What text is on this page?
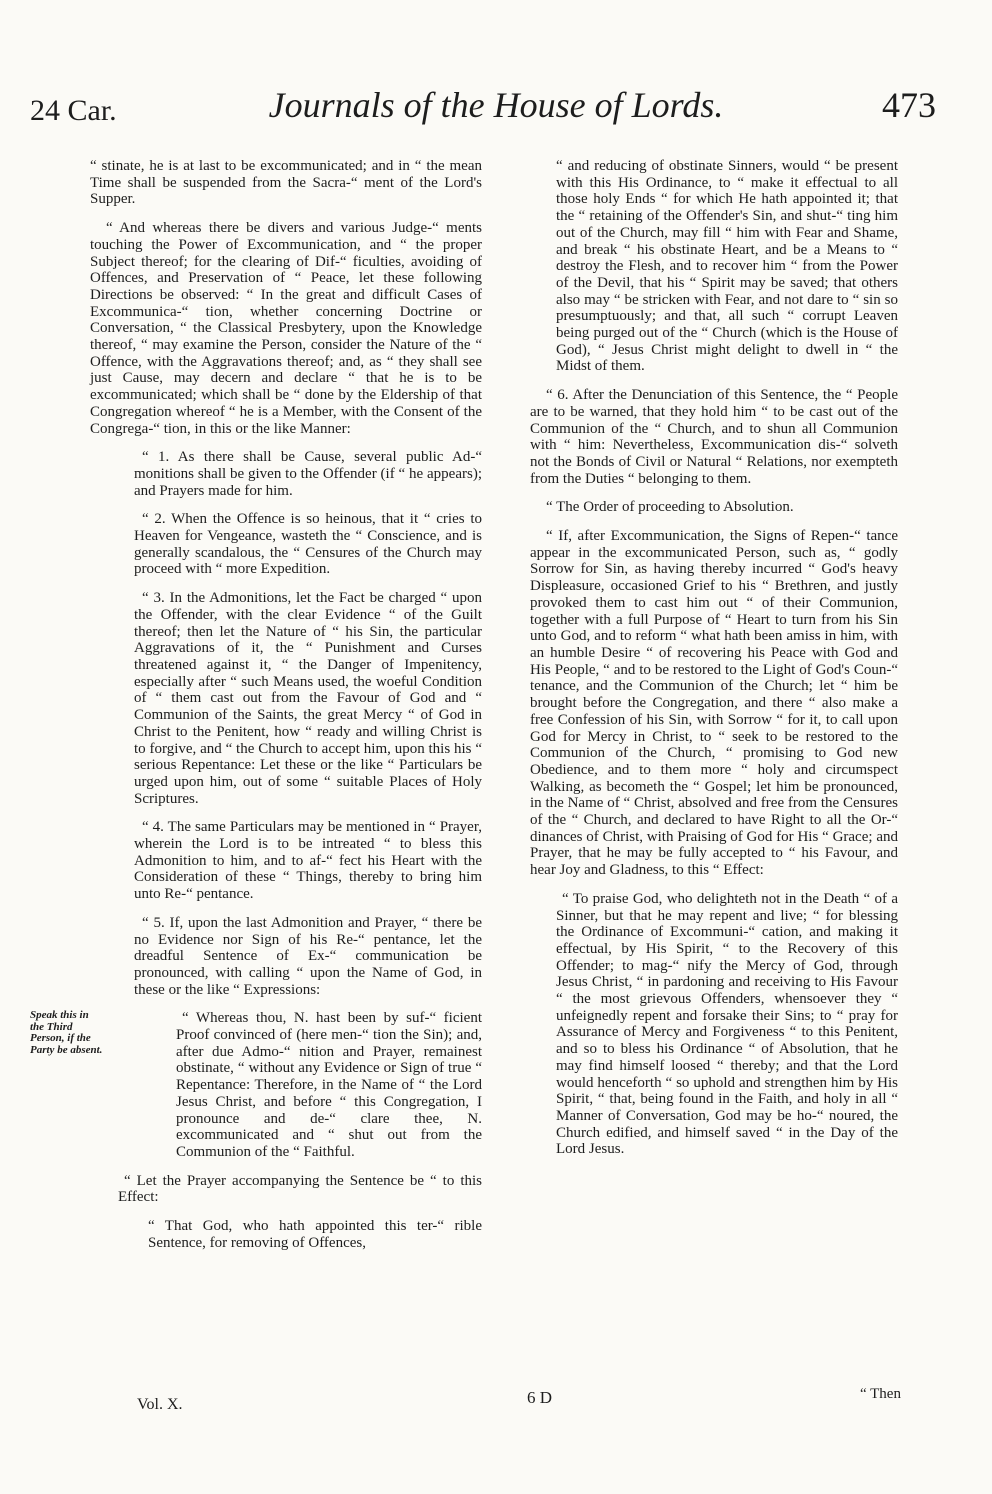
24 Car.	Journals of the House of Lords.	473

“ stinate, he is at last to be excommunicated; and in “ the mean Time shall be suspended from the Sacra-“ ment of the Lord's Supper.

“ And whereas there be divers and various Judge-“ ments touching the Power of Excommunication, and “ the proper Subject thereof; for the clearing of Dif-“ ficulties, avoiding of Offences, and Preservation of “ Peace, let these following Directions be observed: “ In the great and difficult Cases of Excommunica-“ tion, whether concerning Doctrine or Conversation, “ the Classical Presbytery, upon the Knowledge thereof, “ may examine the Person, consider the Nature of the “ Offence, with the Aggravations thereof; and, as “ they shall see just Cause, may decern and declare “ that he is to be excommunicated; which shall be “ done by the Eldership of that Congregation whereof “ he is a Member, with the Consent of the Congrega-“ tion, in this or the like Manner:

“ 1. As there shall be Cause, several public Ad-“ monitions shall be given to the Offender (if “ he appears); and Prayers made for him.

“ 2. When the Offence is so heinous, that it “ cries to Heaven for Vengeance, wasteth the “ Conscience, and is generally scandalous, the “ Censures of the Church may proceed with “ more Expedition.

“ 3. In the Admonitions, let the Fact be charged “ upon the Offender, with the clear Evidence “ of the Guilt thereof; then let the Nature of “ his Sin, the particular Aggravations of it, the “ Punishment and Curses threatened against it, “ the Danger of Impenitency, especially after “ such Means used, the woeful Condition of “ them cast out from the Favour of God and “ Communion of the Saints, the great Mercy “ of God in Christ to the Penitent, how “ ready and willing Christ is to forgive, and “ the Church to accept him, upon this his “ serious Repentance: Let these or the like “ Particulars be urged upon him, out of some “ suitable Places of Holy Scriptures.

“ 4. The same Particulars may be mentioned in “ Prayer, wherein the Lord is to be intreated “ to bless this Admonition to him, and to af-“ fect his Heart with the Consideration of these “ Things, thereby to bring him unto Re-“ pentance.

“ 5. If, upon the last Admonition and Prayer, “ there be no Evidence nor Sign of his Re-“ pentance, let the dreadful Sentence of Ex-“ communication be pronounced, with calling “ upon the Name of God, in these or the like “ Expressions:

Speak this in the Third Person, if the Party be absent.

“ Whereas thou, N. hast been by suf-“ ficient Proof convinced of (here men-“ tion the Sin); and, after due Admo-“ nition and Prayer, remainest obstinate, “ without any Evidence or Sign of true “ Repentance: Therefore, in the Name of “ the Lord Jesus Christ, and before “ this Congregation, I pronounce and de-“ clare thee, N. excommunicated and “ shut out from the Communion of the “ Faithful.

“ Let the Prayer accompanying the Sentence be “ to this Effect:

“ That God, who hath appointed this ter-“ rible Sentence, for removing of Offences,

“ and reducing of obstinate Sinners, would “ be present with this His Ordinance, to “ make it effectual to all those holy Ends “ for which He hath appointed it; that the “ retaining of the Offender's Sin, and shut-“ ting him out of the Church, may fill “ him with Fear and Shame, and break “ his obstinate Heart, and be a Means to “ destroy the Flesh, and to recover him “ from the Power of the Devil, that his “ Spirit may be saved; that others also may “ be stricken with Fear, and not dare to “ sin so presumptuously; and that, all such “ corrupt Leaven being purged out of the “ Church (which is the House of God), “ Jesus Christ might delight to dwell in “ the Midst of them.

“ 6. After the Denunciation of this Sentence, the “ People are to be warned, that they hold him “ to be cast out of the Communion of the “ Church, and to shun all Communion with “ him: Nevertheless, Excommunication dis-“ solveth not the Bonds of Civil or Natural “ Relations, nor exempteth from the Duties “ belonging to them.

“ The Order of proceeding to Absolution.

“ If, after Excommunication, the Signs of Repen-“ tance appear in the excommunicated Person, such as, “ godly Sorrow for Sin, as having thereby incurred “ God's heavy Displeasure, occasioned Grief to his “ Brethren, and justly provoked them to cast him out “ of their Communion, together with a full Purpose of “ Heart to turn from his Sin unto God, and to reform “ what hath been amiss in him, with an humble Desire “ of recovering his Peace with God and His People, “ and to be restored to the Light of God's Coun-“ tenance, and the Communion of the Church; let “ him be brought before the Congregation, and there “ also make a free Confession of his Sin, with Sorrow “ for it, to call upon God for Mercy in Christ, to “ seek to be restored to the Communion of the Church, “ promising to God new Obedience, and to them more “ holy and circumspect Walking, as becometh the “ Gospel; let him be pronounced, in the Name of “ Christ, absolved and free from the Censures of the “ Church, and declared to have Right to all the Or-“ dinances of Christ, with Praising of God for His “ Grace; and Prayer, that he may be fully accepted to “ his Favour, and hear Joy and Gladness, to this “ Effect:

“ To praise God, who delighteth not in the Death “ of a Sinner, but that he may repent and live; “ for blessing the Ordinance of Excommuni-“ cation, and making it effectual, by His Spirit, “ to the Recovery of this Offender; to mag-“ nify the Mercy of God, through Jesus Christ, “ in pardoning and receiving to His Favour “ the most grievous Offenders, whensoever they “ unfeignedly repent and forsake their Sins; to “ pray for Assurance of Mercy and Forgiveness “ to this Penitent, and so to bless his Ordinance “ of Absolution, that he may find himself loosed “ thereby; and that the Lord would henceforth “ so uphold and strengthen him by His Spirit, “ that, being found in the Faith, and holy in all “ Manner of Conversation, God may be ho-“ noured, the Church edified, and himself saved “ in the Day of the Lord Jesus.

Vol. X.	6 D	“ Then
